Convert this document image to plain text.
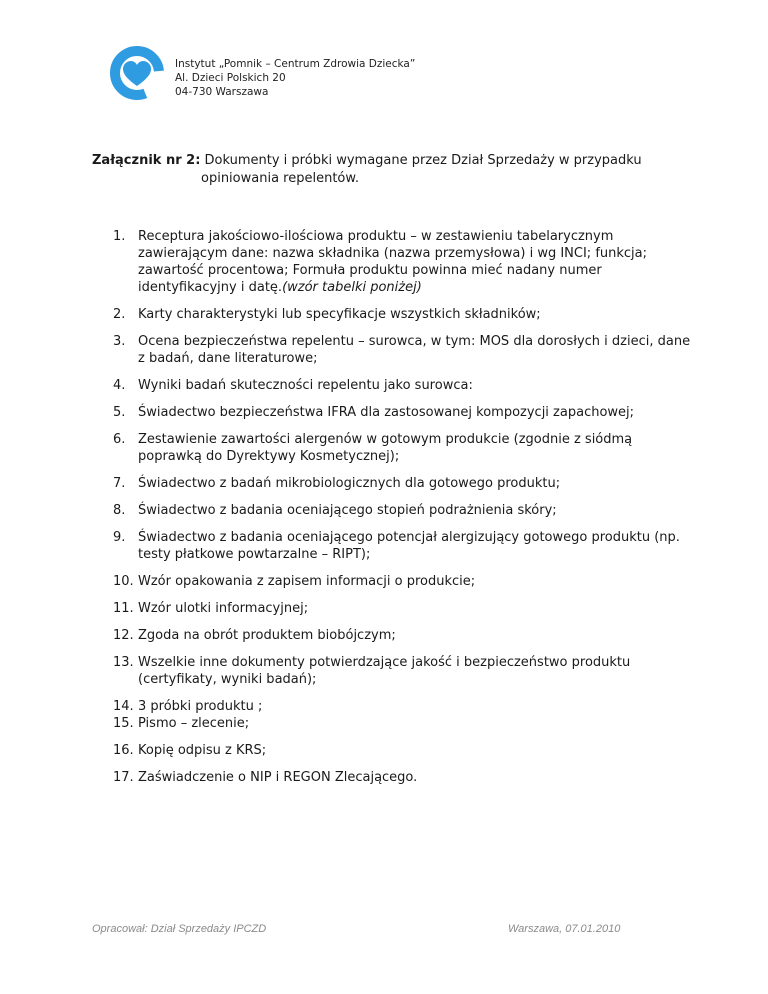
Instytut „Pomnik – Centrum Zdrowia Dziecka”
Al. Dzieci Polskich 20
04-730 Warszawa
Załącznik nr 2: Dokumenty i próbki wymagane przez Dział Sprzedaży w przypadku
opiniowania repelentów.
1. Receptura jakościowo-ilościowa produktu – w zestawieniu tabelarycznym zawierającym dane: nazwa składnika (nazwa przemysłowa) i wg INCI; funkcja; zawartość procentowa; Formuła produktu powinna mieć nadany numer identyfikacyjny i datę.(wzór tabelki poniżej)
2. Karty charakterystyki lub specyfikacje wszystkich składników;
3. Ocena bezpieczeństwa repelentu – surowca, w tym: MOS dla dorosłych i dzieci, dane z badań, dane literaturowe;
4. Wyniki badań skuteczności repelentu jako surowca:
5. Świadectwo bezpieczeństwa IFRA dla zastosowanej kompozycji zapachowej;
6. Zestawienie zawartości alergenów w gotowym produkcie (zgodnie z siódmą poprawką do Dyrektywy Kosmetycznej);
7. Świadectwo z badań mikrobiologicznych dla gotowego produktu;
8. Świadectwo z badania oceniającego stopień podrażnienia skóry;
9. Świadectwo z badania oceniającego potencjał alergizujący gotowego produktu (np. testy płatkowe powtarzalne – RIPT);
10. Wzór opakowania z zapisem informacji o produkcie;
11. Wzór ulotki informacyjnej;
12. Zgoda na obrót produktem biobójczym;
13. Wszelkie inne dokumenty potwierdzające jakość i bezpieczeństwo produktu (certyfikaty, wyniki badań);
14. 3 próbki produktu ;
15. Pismo – zlecenie;
16. Kopię odpisu z KRS;
17. Zaświadczenie o NIP i REGON Zlecającego.
Opracował: Dział Sprzedaży IPCZD	Warszawa, 07.01.2010
